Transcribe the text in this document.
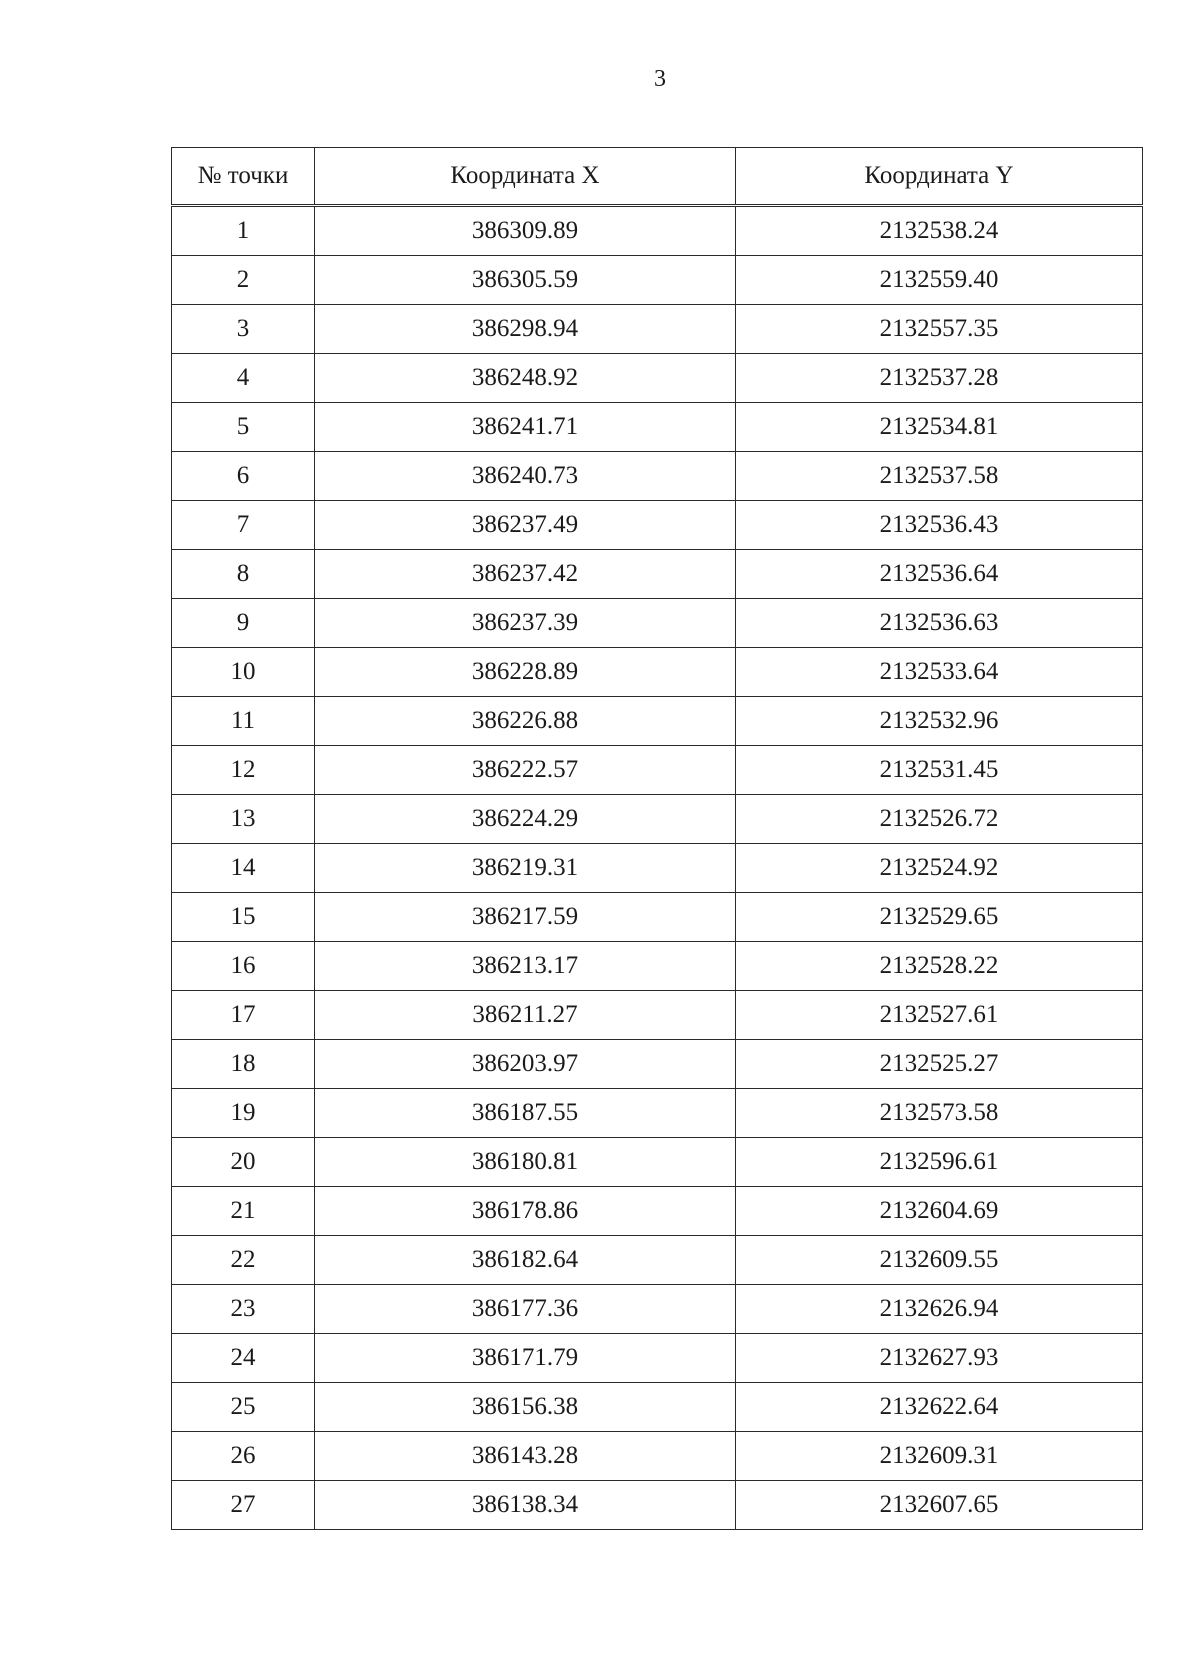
3
№ точки	Координата X	Координата Y
1	386309.89	2132538.24
2	386305.59	2132559.40
3	386298.94	2132557.35
4	386248.92	2132537.28
5	386241.71	2132534.81
6	386240.73	2132537.58
7	386237.49	2132536.43
8	386237.42	2132536.64
9	386237.39	2132536.63
10	386228.89	2132533.64
11	386226.88	2132532.96
12	386222.57	2132531.45
13	386224.29	2132526.72
14	386219.31	2132524.92
15	386217.59	2132529.65
16	386213.17	2132528.22
17	386211.27	2132527.61
18	386203.97	2132525.27
19	386187.55	2132573.58
20	386180.81	2132596.61
21	386178.86	2132604.69
22	386182.64	2132609.55
23	386177.36	2132626.94
24	386171.79	2132627.93
25	386156.38	2132622.64
26	386143.28	2132609.31
27	386138.34	2132607.65
